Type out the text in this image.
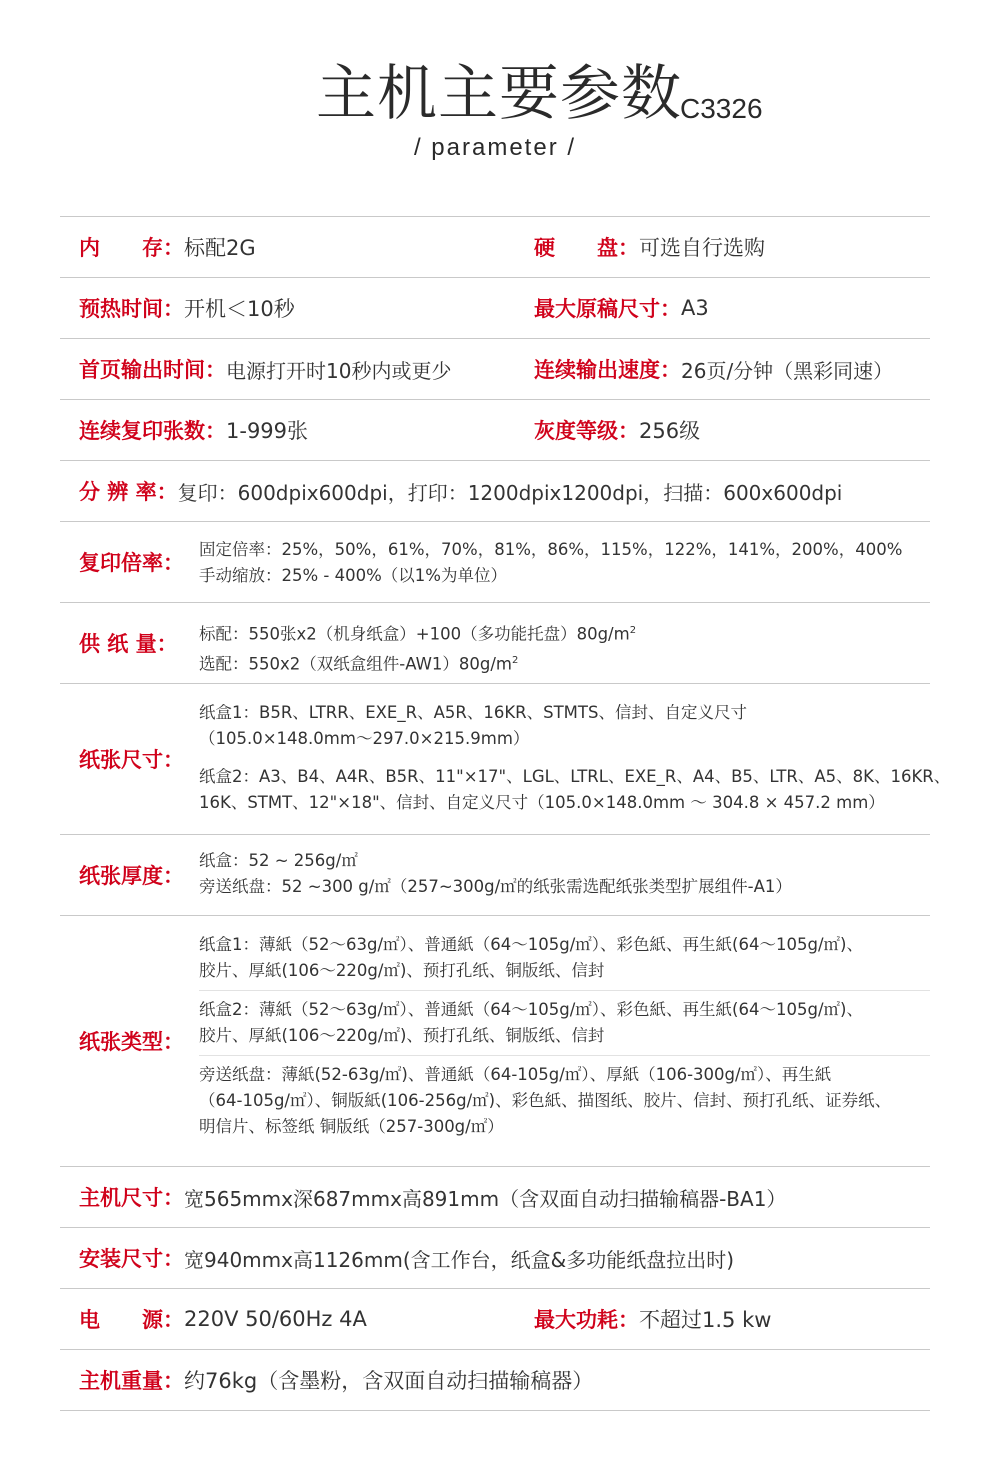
主机主要参数
C3326
/ parameter /
内　　存： 标配2G	硬　　盘： 可选自行选购
预热时间： 开机＜10秒	最大原稿尺寸： A3
首页输出时间： 电源打开时10秒内或更少	连续输出速度： 26页/分钟（黑彩同速）
连续复印张数： 1-999张	灰度等级： 256级
分 辨 率： 复印：600dpix600dpi，打印：1200dpix1200dpi，扫描：600x600dpi
复印倍率：
固定倍率：25%，50%，61%，70%，81%，86%，115%，122%，141%，200%，400%
手动缩放：25% - 400%（以1%为单位）
供 纸 量： 标配：550张x2（机身纸盒）+100（多功能托盘）$80g/m^2$
选配：550x2（双纸盒组件$-AW1)80g/m^2$
纸张尺寸：
纸盒1：B5R、LTRR、EXE_R、A5R、16KR、STMTS、信封、自定义尺寸
（105.0×148.0mm～297.0×215.9mm）
纸盒2：A3、B4、A4R、B5R、11"×17"、LGL、LTRL、EXE_R、A4、B5、LTR、A5、8K、16KR、
16K、STMT、12"×18"、信封、自定义尺寸（105.0×148.0mm ～ 304.8 × 457.2 mm）
纸张厚度：
纸盒：52 ~ 256g/㎡
旁送纸盘：52 ~300 g/㎡（257~300g/㎡的纸张需选配纸张类型扩展组件-A1）
纸张类型：
纸盒1：薄紙（52～63g/㎡）、普通紙（64～105g/㎡）、彩色紙、再生紙(64～105g/㎡)、
胶片、厚紙(106～220g/㎡)、预打孔纸、铜版纸、信封
纸盒2：薄紙（52～63g/㎡）、普通紙（64～105g/㎡）、彩色紙、再生紙(64～105g/㎡)、
胶片、厚紙(106～220g/㎡)、预打孔纸、铜版纸、信封
旁送纸盘：薄紙(52-63g/㎡)、普通紙（64-105g/㎡）、厚紙（106-300g/㎡）、再生紙
（64-105g/㎡）、铜版紙(106-256g/㎡)、彩色紙、描图纸、胶片、信封、预打孔纸、证券纸、
明信片、标签纸 铜版纸（257-300g/㎡）
主机尺寸： 宽565mmx深687mmx高891mm（含双面自动扫描输稿器-BA1）
安装尺寸： 宽940mmx高1126mm(含工作台，纸盒&多功能纸盘拉出时)
电　　源： 220V 50/60Hz 4A	最大功耗： 不超过1.5 kw
主机重量： 约76kg（含墨粉，含双面自动扫描输稿器）
